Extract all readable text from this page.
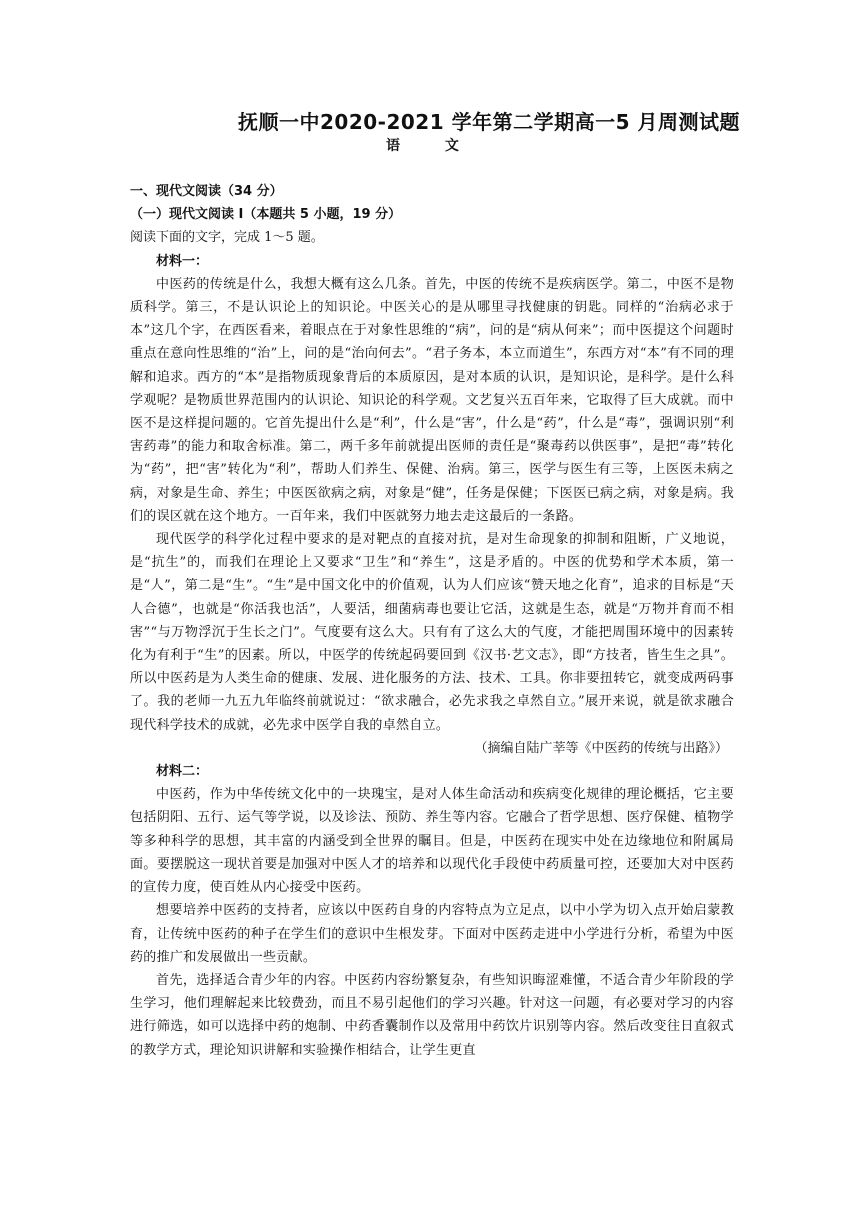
抚顺一中2020-2021 学年第二学期高一5 月周测试题
语 文
一、现代文阅读（34 分）
（一）现代文阅读 I（本题共 5 小题，19 分）
阅读下面的文字，完成 1～5 题。
材料一：

中医药的传统是什么，我想大概有这么几条。首先，中医的传统不是疾病医学。第二，中医不是物质科学。第三，不是认识论上的知识论。中医关心的是从哪里寻找健康的钥匙。同样的“治病必求于本”这几个字，在西医看来，着眼点在于对象性思维的“病”，问的是“病从何来”；而中医提这个问题时重点在意向性思维的“治”上，问的是“治向何去”。“君子务本，本立而道生”，东西方对“本”有不同的理解和追求。西方的“本”是指物质现象背后的本质原因，是对本质的认识，是知识论，是科学。是什么科学观呢？是物质世界范围内的认识论、知识论的科学观。文艺复兴五百年来，它取得了巨大成就。而中医不是这样提问题的。它首先提出什么是“利”，什么是“害”，什么是“药”，什么是“毒”，强调识别“利害药毒”的能力和取舍标准。第二，两千多年前就提出医师的责任是“聚毒药以供医事”，是把“毒”转化为“药”，把“害”转化为“利”，帮助人们养生、保健、治病。第三，医学与医生有三等，上医医未病之病，对象是生命、养生；中医医欲病之病，对象是“健”，任务是保健；下医医已病之病，对象是病。我们的误区就在这个地方。一百年来，我们中医就努力地去走这最后的一条路。

现代医学的科学化过程中要求的是对靶点的直接对抗，是对生命现象的抑制和阻断，广义地说，是“抗生”的，而我们在理论上又要求“卫生”和“养生”，这是矛盾的。中医的优势和学术本质，第一是“人”，第二是“生”。“生”是中国文化中的价值观，认为人们应该“赞天地之化育”，追求的目标是“天人合德”，也就是“你活我也活”，人要活，细菌病毒也要让它活，这就是生态，就是“万物并育而不相害”“与万物浮沉于生长之门”。气度要有这么大。只有有了这么大的气度，才能把周围环境中的因素转化为有利于“生”的因素。所以，中医学的传统起码要回到《汉书·艺文志》，即“方技者，皆生生之具”。所以中医药是为人类生命的健康、发展、进化服务的方法、技术、工具。你非要扭转它，就变成两码事了。我的老师一九五九年临终前就说过：“欲求融合，必先求我之卓然自立。”展开来说，就是欲求融合现代科学技术的成就，必先求中医学自我的卓然自立。

（摘编自陆广莘等《中医药的传统与出路》）
材料二：

中医药，作为中华传统文化中的一块瑰宝，是对人体生命活动和疾病变化规律的理论概括，它主要包括阴阳、五行、运气等学说，以及诊法、预防、养生等内容。它融合了哲学思想、医疗保健、植物学等多种科学的思想，其丰富的内涵受到全世界的瞩目。但是，中医药在现实中处在边缘地位和附属局面。要摆脱这一现状首要是加强对中医人才的培养和以现代化手段使中药质量可控，还要加大对中医药的宣传力度，使百姓从内心接受中医药。

想要培养中医药的支持者，应该以中医药自身的内容特点为立足点，以中小学为切入点开始启蒙教育，让传统中医药的种子在学生们的意识中生根发芽。下面对中医药走进中小学进行分析，希望为中医药的推广和发展做出一些贡献。

首先，选择适合青少年的内容。中医药内容纷繁复杂，有些知识晦涩难懂，不适合青少年阶段的学生学习，他们理解起来比较费劲，而且不易引起他们的学习兴趣。针对这一问题，有必要对学习的内容进行筛选，如可以选择中药的炮制、中药香囊制作以及常用中药饮片识别等内容。然后改变往日直叙式的教学方式，理论知识讲解和实验操作相结合，让学生更直
